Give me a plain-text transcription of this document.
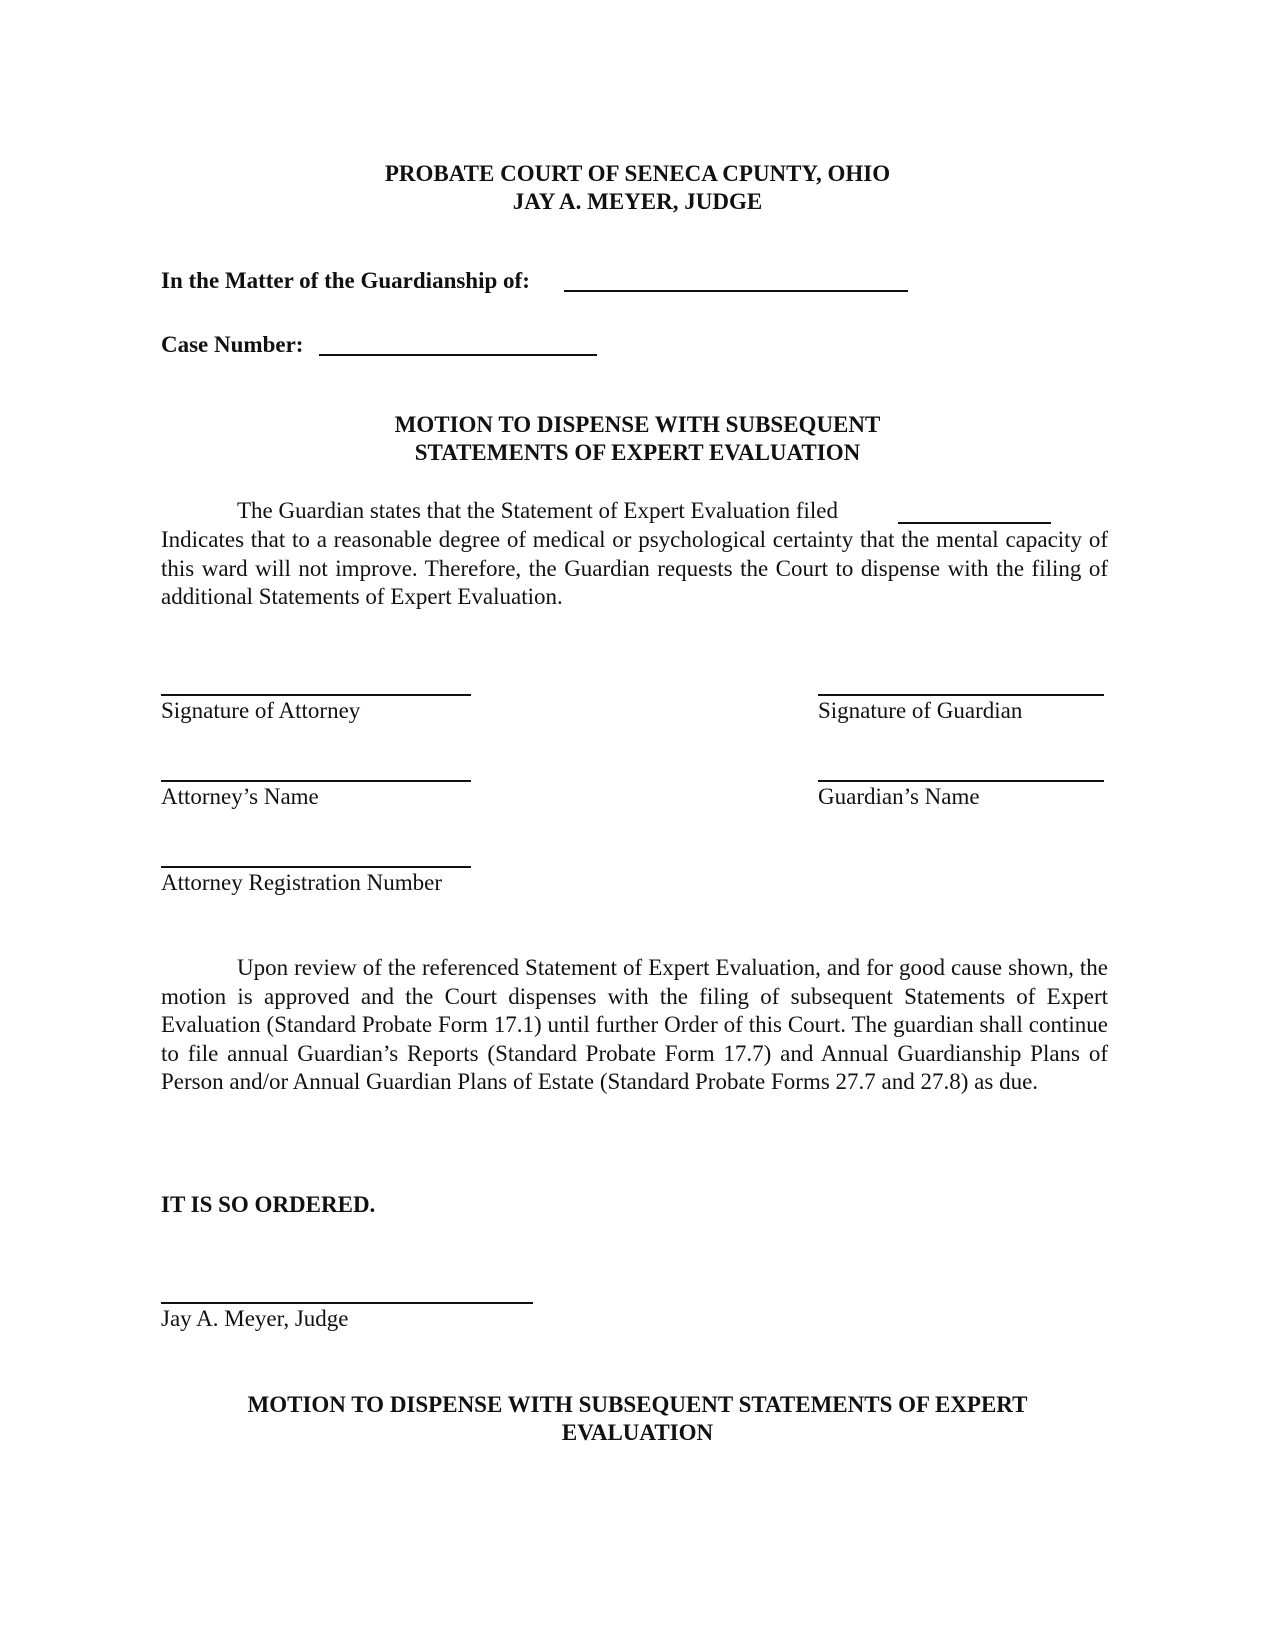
PROBATE COURT OF SENECA CPUNTY, OHIO
JAY A. MEYER, JUDGE
In the Matter of the Guardianship of:
Case Number:
MOTION TO DISPENSE WITH SUBSEQUENT
STATEMENTS OF EXPERT EVALUATION
The Guardian states that the Statement of Expert Evaluation filed
Indicates that to a reasonable degree of medical or psychological certainty that the mental capacity of this ward will not improve. Therefore, the Guardian requests the Court to dispense with the filing of additional Statements of Expert Evaluation.
Signature of Attorney	Signature of Guardian
Attorney’s Name	Guardian’s Name
Attorney Registration Number
Upon review of the referenced Statement of Expert Evaluation, and for good cause shown, the motion is approved and the Court dispenses with the filing of subsequent Statements of Expert Evaluation (Standard Probate Form 17.1) until further Order of this Court. The guardian shall continue to file annual Guardian’s Reports (Standard Probate Form 17.7) and Annual Guardianship Plans of Person and/or Annual Guardian Plans of Estate (Standard Probate Forms 27.7 and 27.8) as due.
IT IS SO ORDERED.
Jay A. Meyer, Judge
MOTION TO DISPENSE WITH SUBSEQUENT STATEMENTS OF EXPERT
EVALUATION
